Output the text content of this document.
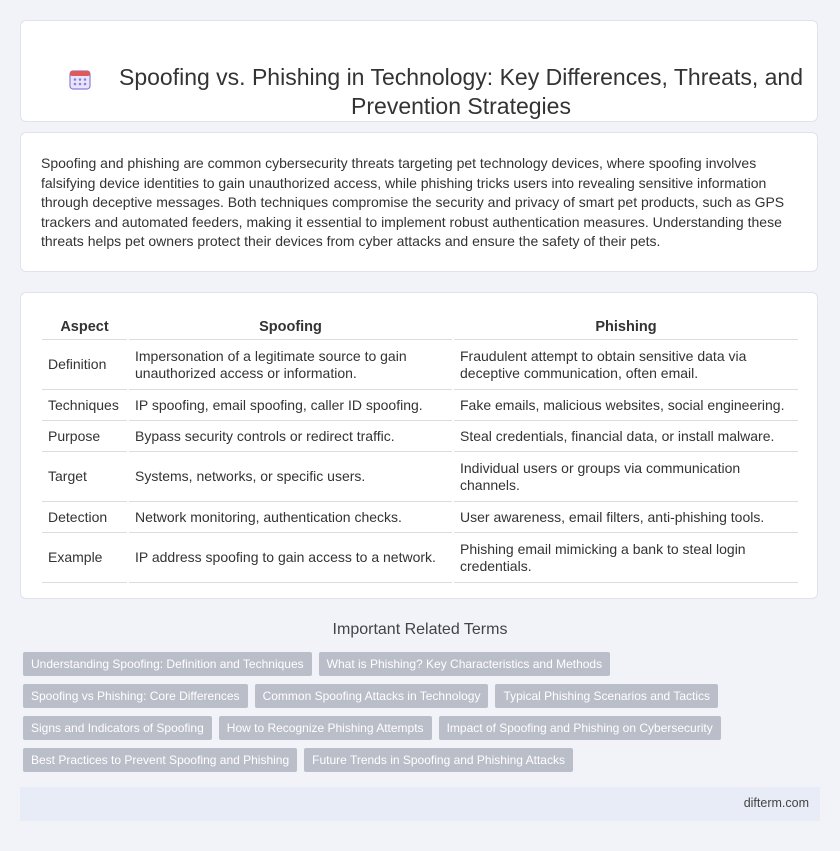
Spoofing vs. Phishing in Technology: Key Differences, Threats, and Prevention Strategies

Spoofing and phishing are common cybersecurity threats targeting pet technology devices, where spoofing involves falsifying device identities to gain unauthorized access, while phishing tricks users into revealing sensitive information through deceptive messages. Both techniques compromise the security and privacy of smart pet products, such as GPS trackers and automated feeders, making it essential to implement robust authentication measures. Understanding these threats helps pet owners protect their devices from cyber attacks and ensure the safety of their pets.

Aspect	Spoofing	Phishing
Definition	Impersonation of a legitimate source to gain unauthorized access or information.	Fraudulent attempt to obtain sensitive data via deceptive communication, often email.
Techniques	IP spoofing, email spoofing, caller ID spoofing.	Fake emails, malicious websites, social engineering.
Purpose	Bypass security controls or redirect traffic.	Steal credentials, financial data, or install malware.
Target	Systems, networks, or specific users.	Individual users or groups via communication channels.
Detection	Network monitoring, authentication checks.	User awareness, email filters, anti-phishing tools.
Example	IP address spoofing to gain access to a network.	Phishing email mimicking a bank to steal login credentials.
Important Related Terms
Understanding Spoofing: Definition and Techniques	What is Phishing? Key Characteristics and Methods
Spoofing vs Phishing: Core Differences	Common Spoofing Attacks in Technology	Typical Phishing Scenarios and Tactics
Signs and Indicators of Spoofing	How to Recognize Phishing Attempts	Impact of Spoofing and Phishing on Cybersecurity
Best Practices to Prevent Spoofing and Phishing	Future Trends in Spoofing and Phishing Attacks
difterm.com
